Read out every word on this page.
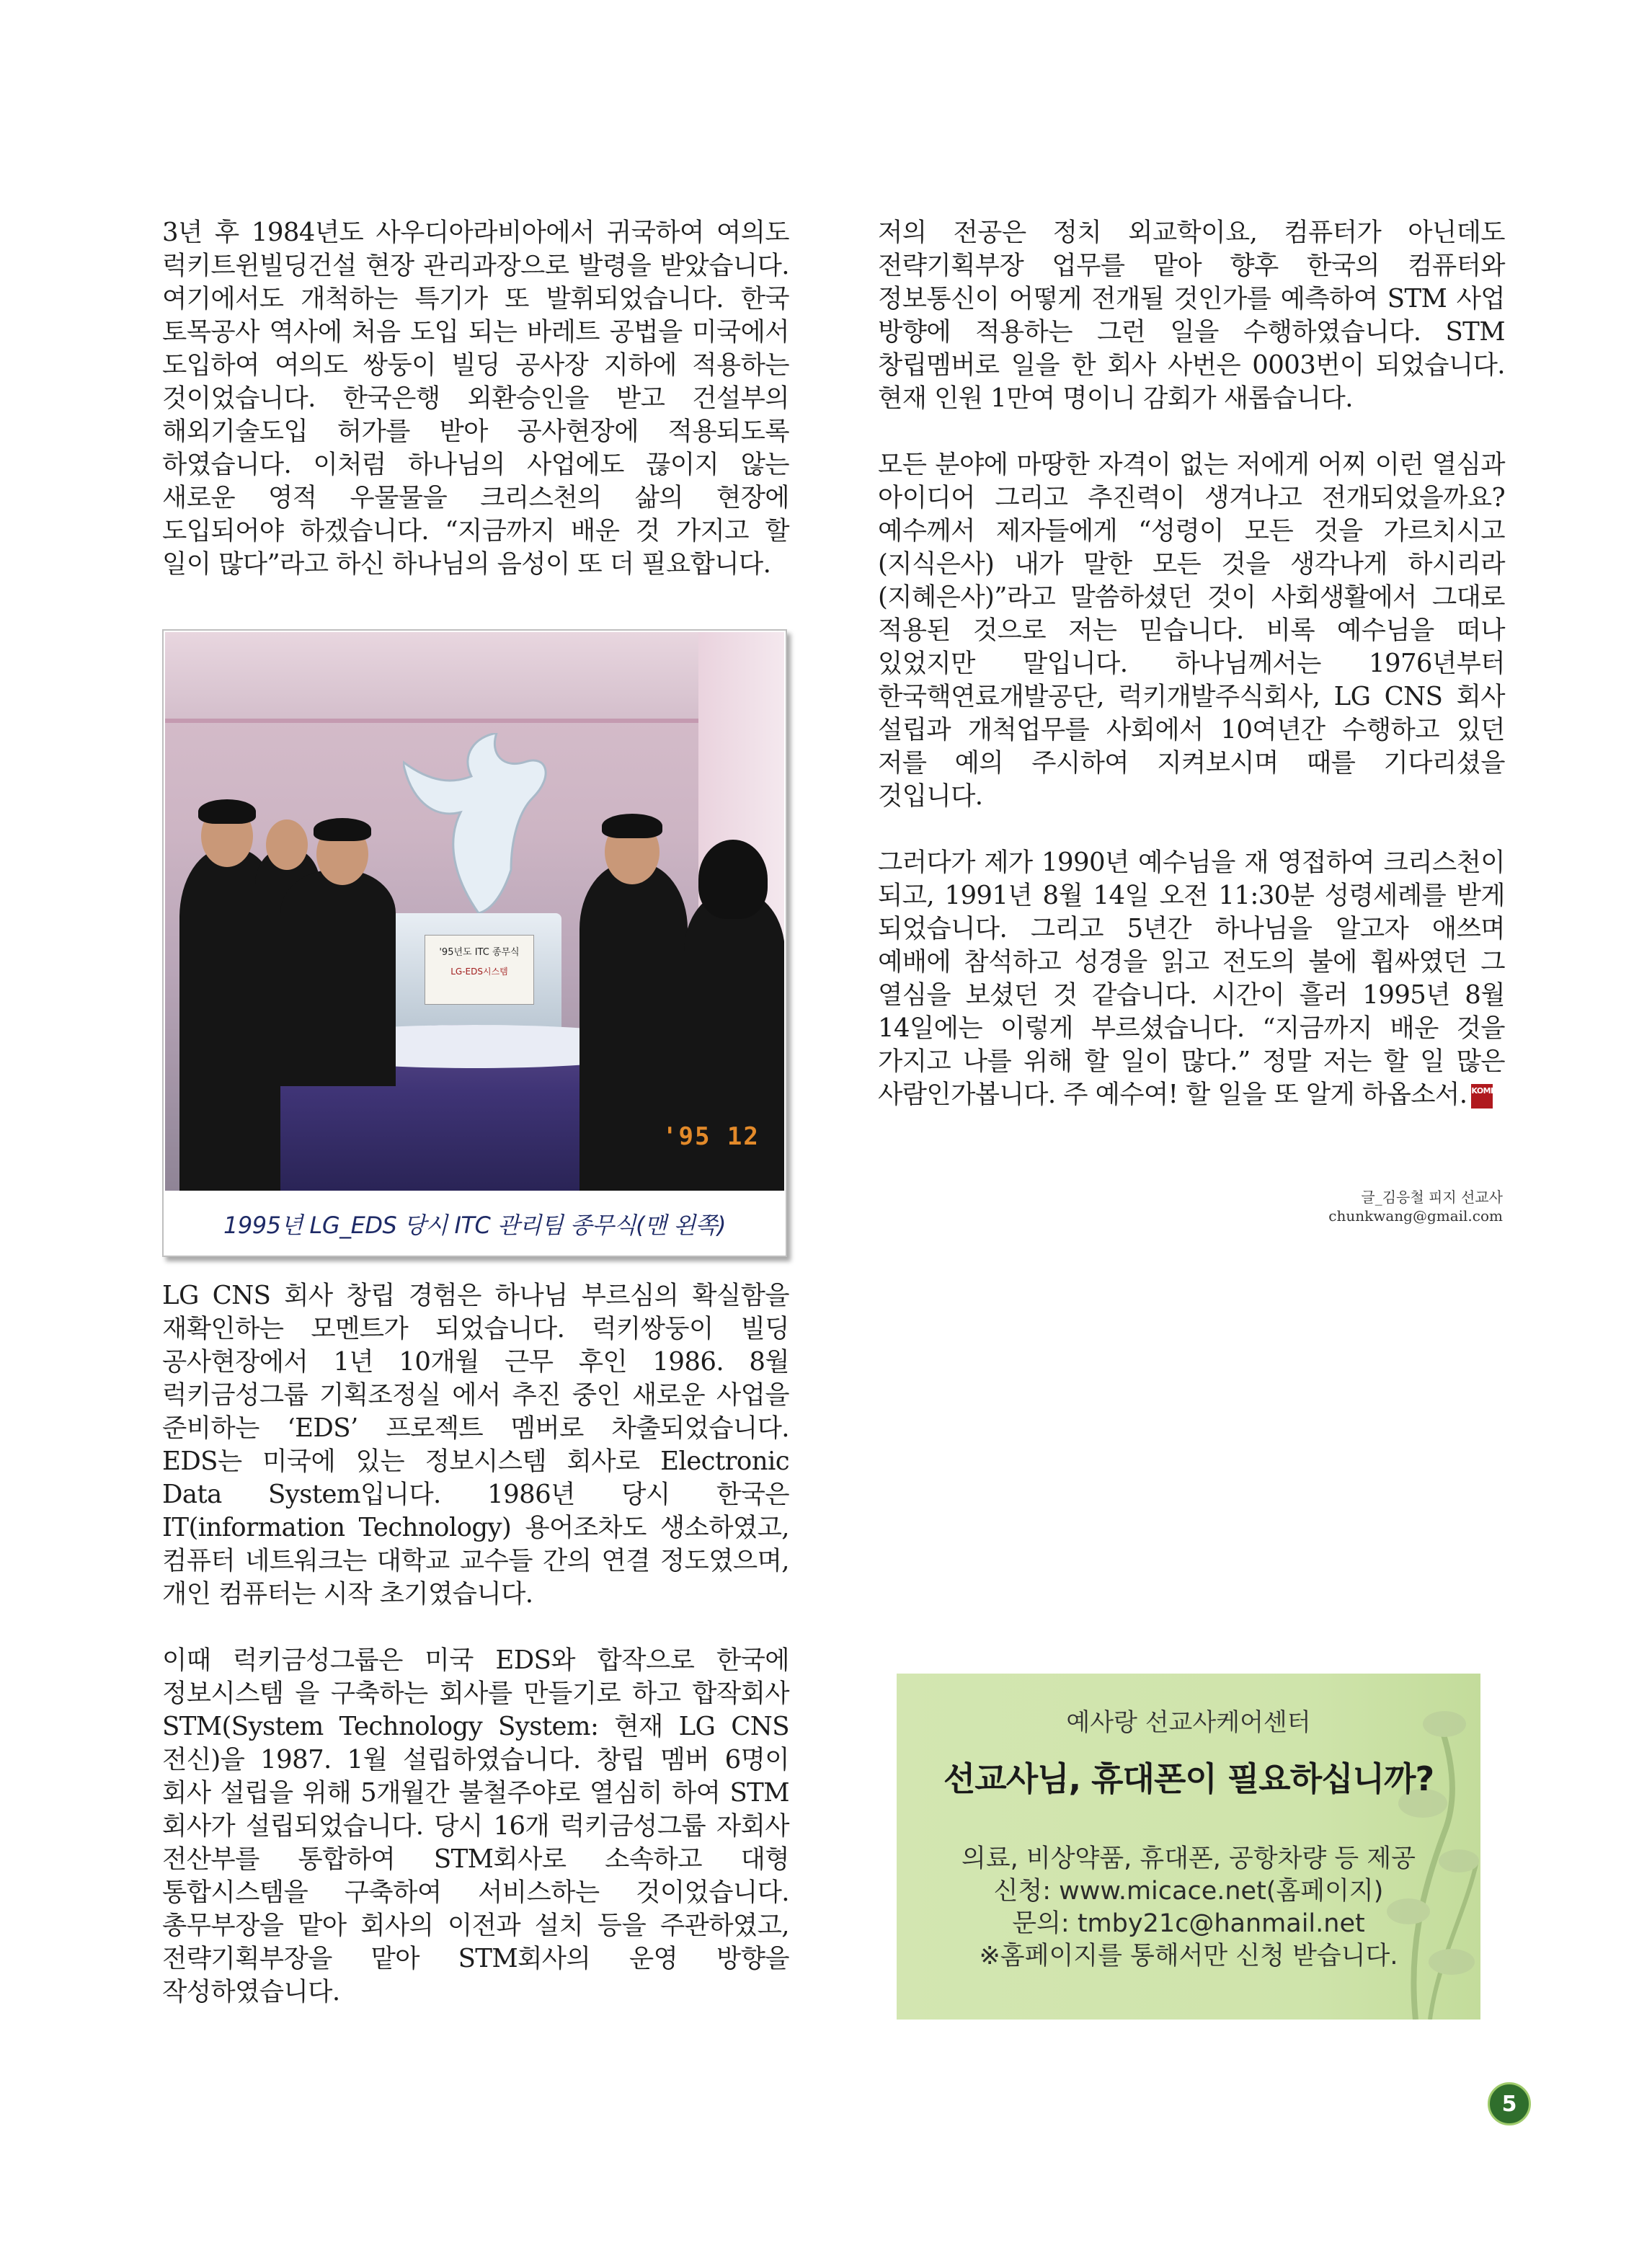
3년 후 1984년도 사우디아라비아에서 귀국하여 여의도 럭키트윈빌딩건설 현장 관리과장으로 발령을 받았습니다. 여기에서도 개척하는 특기가 또 발휘되었습니다. 한국 토목공사 역사에 처음 도입 되는 바레트 공법을 미국에서 도입하여 여의도 쌍둥이 빌딩 공사장 지하에 적용하는 것이었습니다. 한국은행 외환승인을 받고 건설부의 해외기술도입 허가를 받아 공사현장에 적용되도록 하였습니다. 이처럼 하나님의 사업에도 끊이지 않는 새로운 영적 우물물을 크리스천의 삶의 현장에 도입되어야 하겠습니다. “지금까지 배운 것 가지고 할 일이 많다”라고 하신 하나님의 음성이 또 더 필요합니다.

'95년도 ITC 종무식
LG-EDS시스템
'95 12
1995년 LG_EDS 당시 ITC 관리팀 종무식(맨 왼쪽)

LG CNS 회사 창립 경험은 하나님 부르심의 확실함을 재확인하는 모멘트가 되었습니다. 럭키쌍둥이 빌딩 공사현장에서 1년 10개월 근무 후인 1986. 8월 럭키금성그룹 기획조정실 에서 추진 중인 새로운 사업을 준비하는 ‘EDS’ 프로젝트 멤버로 차출되었습니다. EDS는 미국에 있는 정보시스템 회사로 Electronic Data System입니다. 1986년 당시 한국은 IT(information Technology) 용어조차도 생소하였고, 컴퓨터 네트워크는 대학교 교수들 간의 연결 정도였으며, 개인 컴퓨터는 시작 초기였습니다.

이때 럭키금성그룹은 미국 EDS와 합작으로 한국에 정보시스템 을 구축하는 회사를 만들기로 하고 합작회사 STM(System Technology System: 현재 LG CNS 전신)을 1987. 1월 설립하였습니다. 창립 멤버 6명이 회사 설립을 위해 5개월간 불철주야로 열심히 하여 STM 회사가 설립되었습니다. 당시 16개 럭키금성그룹 자회사 전산부를 통합하여 STM회사로 소속하고 대형 통합시스템을 구축하여 서비스하는 것이었습니다. 총무부장을 맡아 회사의 이전과 설치 등을 주관하였고, 전략기획부장을 맡아 STM회사의 운영 방향을 작성하였습니다.

저의 전공은 정치 외교학이요, 컴퓨터가 아닌데도 전략기획부장 업무를 맡아 향후 한국의 컴퓨터와 정보통신이 어떻게 전개될 것인가를 예측하여 STM 사업 방향에 적용하는 그런 일을 수행하였습니다. STM 창립멤버로 일을 한 회사 사번은 0003번이 되었습니다. 현재 인원 1만여 명이니 감회가 새롭습니다.

모든 분야에 마땅한 자격이 없는 저에게 어찌 이런 열심과 아이디어 그리고 추진력이 생겨나고 전개되었을까요? 예수께서 제자들에게 “성령이 모든 것을 가르치시고 (지식은사) 내가 말한 모든 것을 생각나게 하시리라 (지혜은사)”라고 말씀하셨던 것이 사회생활에서 그대로 적용된 것으로 저는 믿습니다. 비록 예수님을 떠나 있었지만 말입니다. 하나님께서는 1976년부터 한국핵연료개발공단, 럭키개발주식회사, LG CNS 회사 설립과 개척업무를 사회에서 10여년간 수행하고 있던 저를 예의 주시하여 지켜보시며 때를 기다리셨을 것입니다.

그러다가 제가 1990년 예수님을 재 영접하여 크리스천이 되고, 1991년 8월 14일 오전 11:30분 성령세례를 받게 되었습니다. 그리고 5년간 하나님을 알고자 애쓰며 예배에 참석하고 성경을 읽고 전도의 불에 휩싸였던 그 열심을 보셨던 것 같습니다. 시간이 흘러 1995년 8월 14일에는 이렇게 부르셨습니다. “지금까지 배운 것을 가지고 나를 위해 할 일이 많다.” 정말 저는 할 일 많은 사람인가봅니다. 주 예수여! 할 일을 또 알게 하옵소서. KOMI

글_김응철 피지 선교사
chunkwang@gmail.com
예사랑 선교사케어센터
선교사님, 휴대폰이 필요하십니까?
의료, 비상약품, 휴대폰, 공항차량 등 제공
신청: www.micace.net(홈페이지)
문의: tmby21c@hanmail.net
※홈페이지를 통해서만 신청 받습니다.
5
